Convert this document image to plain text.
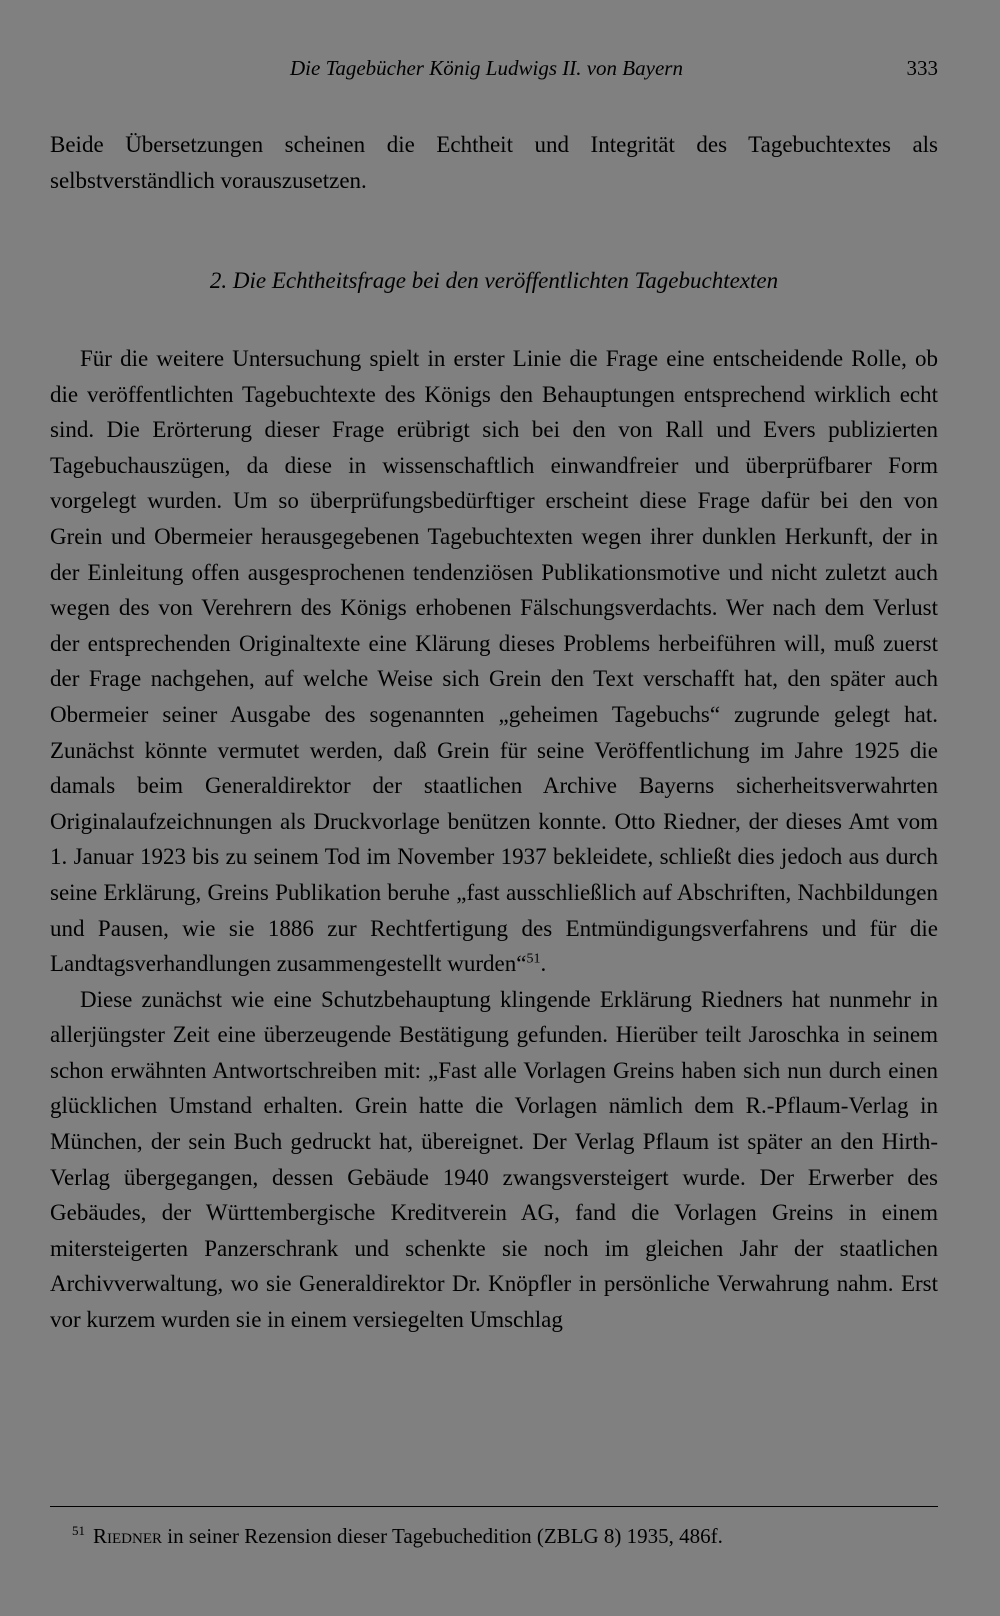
Die Tagebücher König Ludwigs II. von Bayern	333

Beide Übersetzungen scheinen die Echtheit und Integrität des Tagebuchtextes als selbstverständlich vorauszusetzen.

2. Die Echtheitsfrage bei den veröffentlichten Tagebuchtexten

Für die weitere Untersuchung spielt in erster Linie die Frage eine entscheidende Rolle, ob die veröffentlichten Tagebuchtexte des Königs den Behauptungen entsprechend wirklich echt sind. Die Erörterung dieser Frage erübrigt sich bei den von Rall und Evers publizierten Tagebuchauszügen, da diese in wissenschaftlich einwandfreier und überprüfbarer Form vorgelegt wurden. Um so überprüfungsbedürftiger erscheint diese Frage dafür bei den von Grein und Obermeier herausgegebenen Tagebuchtexten wegen ihrer dunklen Herkunft, der in der Einleitung offen ausgesprochenen tendenziösen Publikationsmotive und nicht zuletzt auch wegen des von Verehrern des Königs erhobenen Fälschungsverdachts. Wer nach dem Verlust der entsprechenden Originaltexte eine Klärung dieses Problems herbeiführen will, muß zuerst der Frage nachgehen, auf welche Weise sich Grein den Text verschafft hat, den später auch Obermeier seiner Ausgabe des sogenannten „geheimen Tagebuchs“ zugrunde gelegt hat. Zunächst könnte vermutet werden, daß Grein für seine Veröffentlichung im Jahre 1925 die damals beim Generaldirektor der staatlichen Archive Bayerns sicherheitsverwahrten Originalaufzeichnungen als Druckvorlage benützen konnte. Otto Riedner, der dieses Amt vom 1. Januar 1923 bis zu seinem Tod im November 1937 bekleidete, schließt dies jedoch aus durch seine Erklärung, Greins Publikation beruhe „fast ausschließlich auf Abschriften, Nachbildungen und Pausen, wie sie 1886 zur Rechtfertigung des Entmündigungsverfahrens und für die Landtagsverhandlungen zusammengestellt wurden“$^{51}$.

Diese zunächst wie eine Schutzbehauptung klingende Erklärung Riedners hat nunmehr in allerjüngster Zeit eine überzeugende Bestätigung gefunden. Hierüber teilt Jaroschka in seinem schon erwähnten Antwortschreiben mit: „Fast alle Vorlagen Greins haben sich nun durch einen glücklichen Umstand erhalten. Grein hatte die Vorlagen nämlich dem R.-Pflaum-Verlag in München, der sein Buch gedruckt hat, übereignet. Der Verlag Pflaum ist später an den Hirth-Verlag übergegangen, dessen Gebäude 1940 zwangsversteigert wurde. Der Erwerber des Gebäudes, der Württembergische Kreditverein AG, fand die Vorlagen Greins in einem mitersteigerten Panzerschrank und schenkte sie noch im gleichen Jahr der staatlichen Archivverwaltung, wo sie Generaldirektor Dr. Knöpfler in persönliche Verwahrung nahm. Erst vor kurzem wurden sie in einem versiegelten Umschlag

$^{51}$ Riedner in seiner Rezension dieser Tagebuchedition (ZBLG 8) 1935, 486f.
